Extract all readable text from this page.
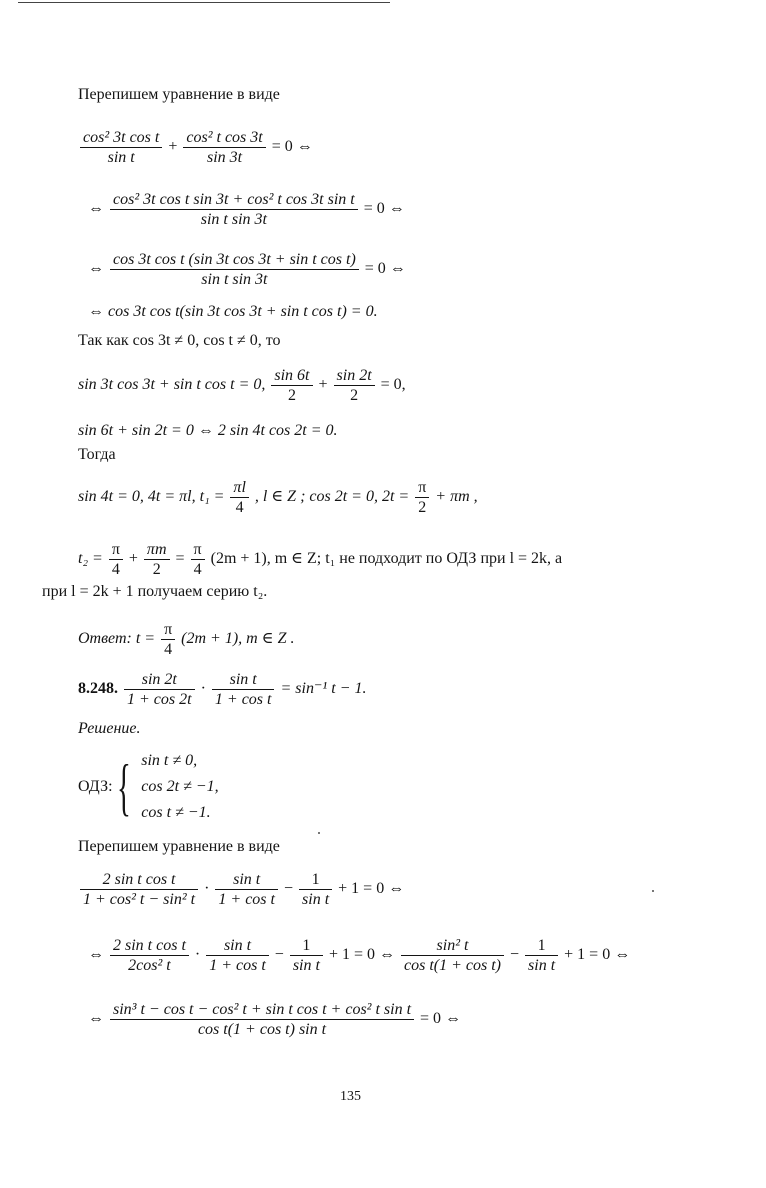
Перепишем уравнение в виде
$\frac{\text{cos² 3t cos t}}{\text{sin t}} + \frac{\text{cos² t cos 3t}}{\sin 3t} = 0$ ⇔
⇔ $\frac{\text{cos² 3t cos t sin 3t + cos² t cos 3t sin t}}{\text{sin t sin 3t}} = 0$ ⇔
⇔ $\frac{\text{cos 3t cos t (sin 3t cos 3t + sin t cos t)}}{\text{sin t sin 3t}} = 0$ ⇔
⇔ cos 3t cos t(sin 3t cos 3t + sin t cos t) = 0.
Так как cos 3t ≠ 0, cos t ≠ 0, то
sin 3t cos 3t + sin t cos t = 0, $\frac{\sin 6t}{2} + \frac{\sin 2t}{2} = 0$,
sin 6t + sin 2t = 0 ⇔ 2 sin 4t cos 2t = 0.
Тогда
sin 4t = 0, 4t = πl, $t_1 = \frac{\pi l}{4}$ , l ∈ Z ; cos 2t = 0, $2t = \frac{\pi}{2} + \pi m$ ,
$t_2 = \frac{\pi}{4} + \frac{\pi m}{2} = \frac{\pi}{4} (2m + 1)$, m ∈ Z; t₁ не подходит по ОДЗ при l = 2k, а
при l = 2k + 1 получаем серию t₂.
Ответ: $t = \frac{\pi}{4} (2m + 1)$, m ∈ Z .
8.248. $\frac{\sin 2t}{1 + \cos 2t} \cdot \frac{\text{sin t}}{\text{1 + cos t}} = \sin^{-1}$ t − 1.
Решение.
ОДЗ: { sin t ≠ 0,
cos 2t ≠ −1,
cos t ≠ −1.
Перепишем уравнение в виде
$\frac{\text{2 sin t cos t}}{\text{1 + cos² t − sin² t}} \cdot \frac{\text{sin t}}{\text{1 + cos t}} - \frac{1}{\text{sin t}} + 1 = 0$ ⇔
⇔ $\frac{\text{2 sin t cos t}}{\text{2cos² t}} \cdot \frac{\text{sin t}}{\text{1 + cos t}} - \frac{1}{\text{sin t}} + 1 = 0$ ⇔ $\frac{\text{sin² t}}{\text{cos t(1 + cos t)}} - \frac{1}{\text{sin t}} + 1 = 0$ ⇔
⇔ $\frac{\text{sin³ t − cos t − cos² t + sin t cos t + cos² t sin t}}{\text{cos t(1 + cos t) sin t}} = 0$ ⇔
135
